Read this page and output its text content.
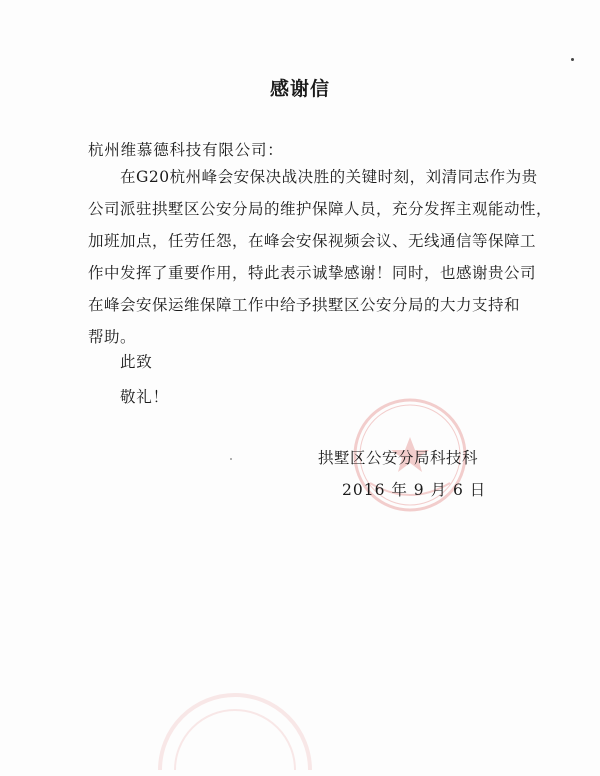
感谢信
杭州维慕德科技有限公司：
　　在G20杭州峰会安保决战决胜的关键时刻，刘清同志作为贵
公司派驻拱墅区公安分局的维护保障人员，充分发挥主观能动性，
加班加点，任劳任怨，在峰会安保视频会议、无线通信等保障工
作中发挥了重要作用，特此表示诚挚感谢！同时，也感谢贵公司
在峰会安保运维保障工作中给予拱墅区公安分局的大力支持和
帮助。
此致
敬礼！
拱墅区公安分局科技科
2016 年 9 月 6 日
